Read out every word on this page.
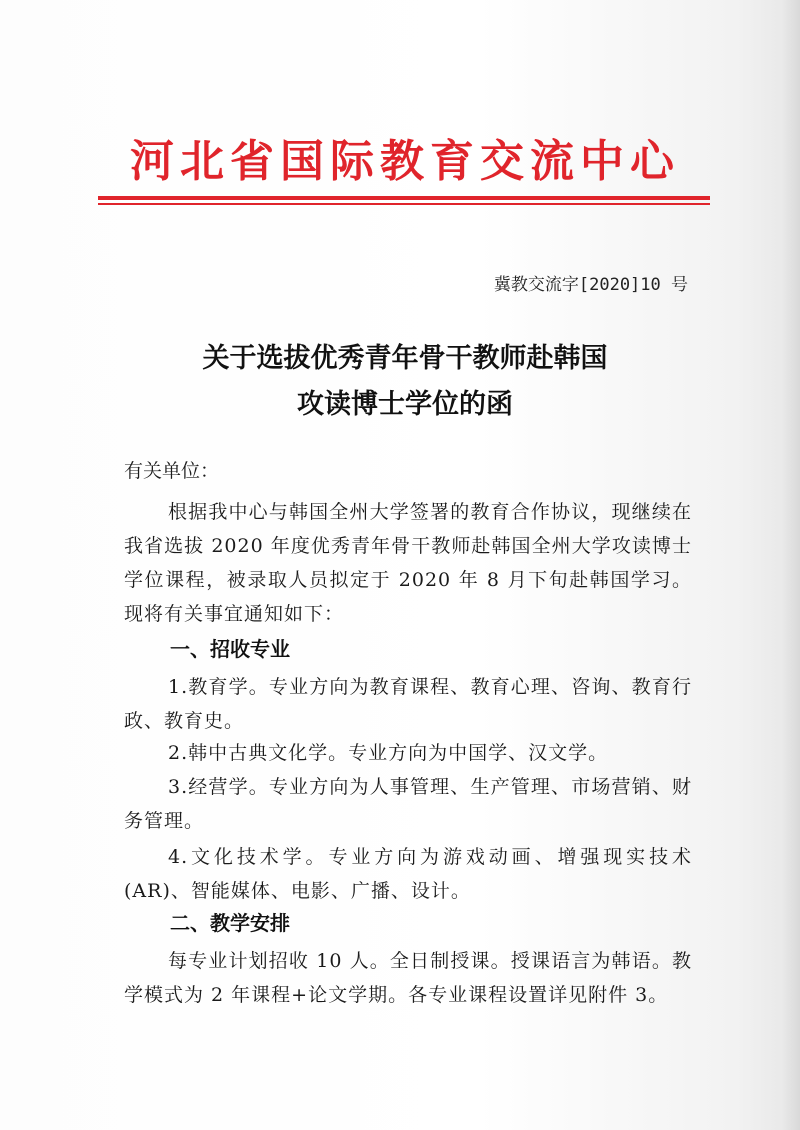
河北省国际教育交流中心
冀教交流字[2020]10 号
关于选拔优秀青年骨干教师赴韩国
攻读博士学位的函
有关单位：
根据我中心与韩国全州大学签署的教育合作协议，现继续在我省选拔 2020 年度优秀青年骨干教师赴韩国全州大学攻读博士学位课程，被录取人员拟定于 2020 年 8 月下旬赴韩国学习。现将有关事宜通知如下：
一、招收专业
1.教育学。专业方向为教育课程、教育心理、咨询、教育行政、教育史。
2.韩中古典文化学。专业方向为中国学、汉文学。
3.经营学。专业方向为人事管理、生产管理、市场营销、财务管理。
4.文化技术学。专业方向为游戏动画、增强现实技术(AR)、智能媒体、电影、广播、设计。
二、教学安排
每专业计划招收 10 人。全日制授课。授课语言为韩语。教学模式为 2 年课程+论文学期。各专业课程设置详见附件 3。
